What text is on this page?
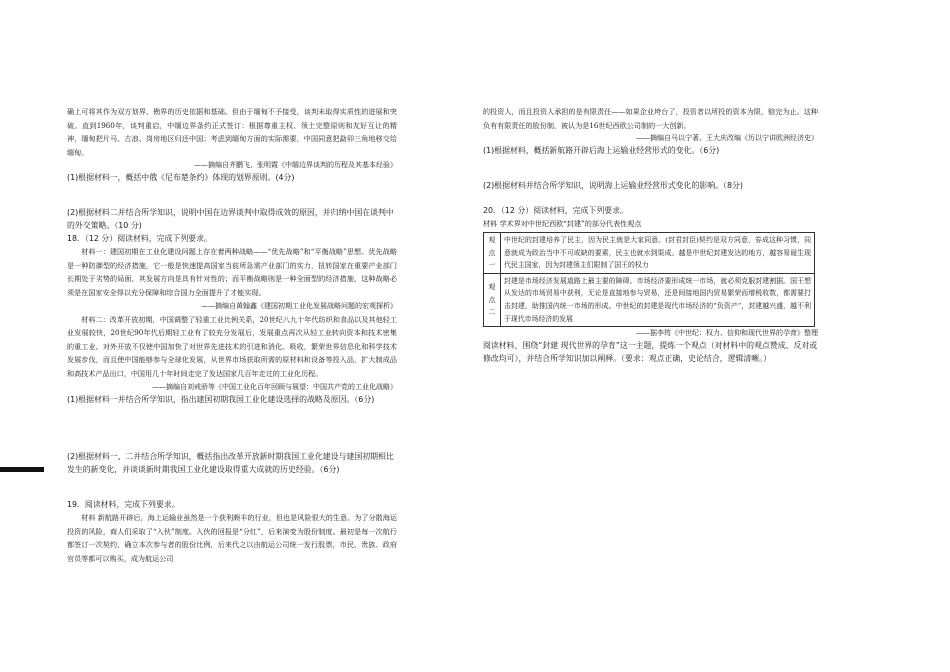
确上可将其作为双方划界、勘界的历史依据和基础。但由于缅甸不予接受，谈判未取得实质性的进展和突破。直到1960年，谈判重启，中缅边界条约正式签订：根据尊重主权、领土完整原则和友好互让的精神，缅甸把片马、古浪、岗房地区归还中国；考虑到缅甸方面的实际需要，中国同意把勐卯三角地移交给缅甸。

——摘编自齐鹏飞、张明霞《中缅边界谈判的历程及其基本经验》

(1)根据材料一，概括中俄《尼布楚条约》体现的划界原则。(4分)

(2)根据材料二并结合所学知识，说明中国在边界谈判中取得成效的原因，并归纳中国在谈判中的外交策略。（10 分)

18．（12 分）阅读材料，完成下列要求。

材料一：建国初期在工业化建设问题上存在着两种战略——“优先战略”和“平衡战略”思想。优先战略是一种防御型的经济措施，它一般是快速提高国家当前所急需产业部门的实力，扭转国家在重要产业部门长期处于劣势的局面，其发展方向是具有针对性的；而平衡战略则是一种全面型的经济措施，这种战略必须是在国家安全得以充分保障和综合国力全面提升了才能实现。

——摘编自黄翰鑫《建国初期工业化发展战略问题的宏观探析》

材料二：改革开放初期，中国调整了轻重工业比例关系，20世纪八九十年代纺织和食品以及其他轻工业发展较快，20世纪90年代后期轻工业有了较充分发展后，发展重点再次从轻工业转向资本和技术密集的重工业。对外开放不仅使中国加快了对世界先进技术的引进和消化、吸收，繁荣世界信息化和科学技术发展步伐，而且使中国能够参与全球化发展，从世界市场获取所需的原材料和设备等投入品，扩大制成品和高技术产品出口，中国用几十年时间走完了发达国家几百年走过的工业化历程。

——摘编自刘戒骄等《中国工业化百年回顾与展望：中国共产党的工业化战略》

(1)根据材料一并结合所学知识，指出建国初期我国工业化建设选择的战略及原因。（6分)

(2)根据材料一、二并结合所学知识，概括指出改革开放新时期我国工业化建设与建国初期相比发生的新变化，并谈谈新时期我国工业化建设取得重大成就的历史经验。（6分)

19．阅读材料，完成下列要求。

材料 新航路开辟后，海上运输业虽然是一个获利颇丰的行业，但也是风险很大的生意。为了分散海运投资的风险，商人们采取了“入伙”制度。入伙的回报是“分红”，后来演变为股份制度。最初是每一次航行都签订一次契约，确立本次参与者的股份比例，后来代之以由航运公司统一发行股票，市民、贵族、政府官员等都可以购买，成为航运公司

的投资人，而且投资人承担的是有限责任——如果企业垮台了，投资者以所投的资本为限，赔完为止。这种负有有限责任的股份制，被认为是16世纪西欧公司制的一大创新。

——摘编自马以宁著、王大庆改编《历以宁讲欧洲经济史》

(1)根据材料，概括新航路开辟后海上运输业经营形式的变化。（6分)

(2)根据材料并结合所学知识，说明海上运输业经营形式变化的影响。（8分)

20．（12 分）阅读材料，完成下列要求。

材料 学术界对中世纪西欧“封建”的部分代表性观点

观点一	中世纪的封建培养了民主，因为民主就是大家同意。(封君封臣)契约是双方同意，券成这种习惯，同意就成为政治当中不可或缺的要素，民主也就水到渠成。越是中世纪封建发达的地方，越容易诞生现代民主国家，因为封建领主们限制了国王的权力
观点二	封建是市场经济发展道路上最主要的障碍。市场经济要形成统一市场，就必须克服封建割据。国王想从发达的市场贸易中获利，无论是直接地参与贸易，还是间接地国内贸易繁荣而增税收数，都需要打击封建，助推国内统一市场的形成。中世纪的封建是现代市场经济的“负资产”，封建越兴盛，越不利于现代市场经济的发展

——据李筠《中世纪：权力、信仰和现代世界的孕育》整理

阅读材料，围绕“封建 现代世界的孕育”这一主题，提炼一个观点（对材料中的观点赞成、反对或修改均可），并结合所学知识加以阐释。（要求：观点正确，史论结合，逻辑清晰。）
